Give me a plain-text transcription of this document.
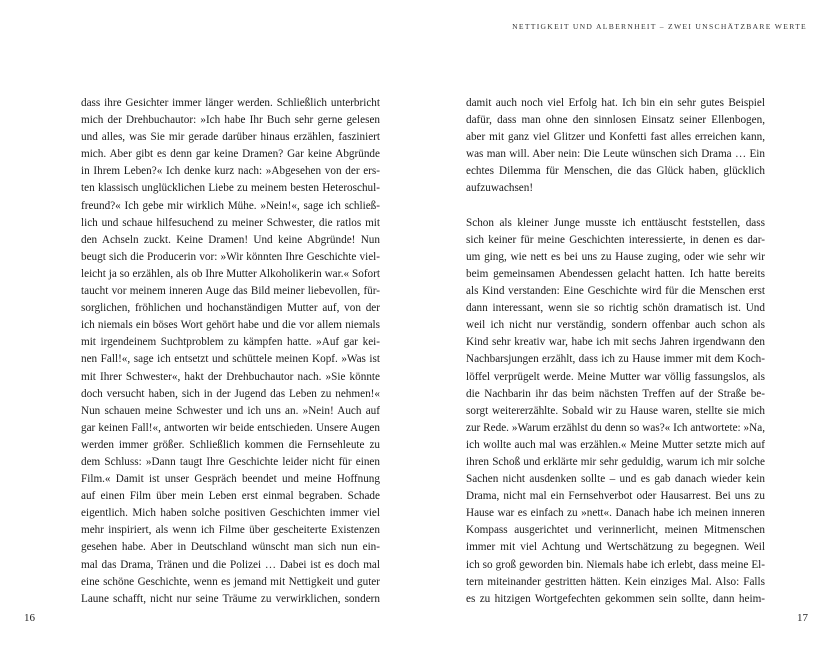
NETTIGKEIT UND ALBERNHEIT – ZWEI UNSCHÄTZBARE WERTE
dass ihre Gesichter immer länger werden. Schließlich unterbricht
mich der Drehbuchautor: »Ich habe Ihr Buch sehr gerne gelesen
und alles, was Sie mir gerade darüber hinaus erzählen, fasziniert
mich. Aber gibt es denn gar keine Dramen? Gar keine Abgründe
in Ihrem Leben?« Ich denke kurz nach: »Abgesehen von der ers-
ten klassisch unglücklichen Liebe zu meinem besten Heteroschul-
freund?« Ich gebe mir wirklich Mühe. »Nein!«, sage ich schließ-
lich und schaue hilfesuchend zu meiner Schwester, die ratlos mit
den Achseln zuckt. Keine Dramen! Und keine Abgründe! Nun
beugt sich die Producerin vor: »Wir könnten Ihre Geschichte viel-
leicht ja so erzählen, als ob Ihre Mutter Alkoholikerin war.« Sofort
taucht vor meinem inneren Auge das Bild meiner liebevollen, für-
sorglichen, fröhlichen und hochanständigen Mutter auf, von der
ich niemals ein böses Wort gehört habe und die vor allem niemals
mit irgendeinem Suchtproblem zu kämpfen hatte. »Auf gar kei-
nen Fall!«, sage ich entsetzt und schüttele meinen Kopf. »Was ist
mit Ihrer Schwester«, hakt der Drehbuchautor nach. »Sie könnte
doch versucht haben, sich in der Jugend das Leben zu nehmen!«
Nun schauen meine Schwester und ich uns an. »Nein! Auch auf
gar keinen Fall!«, antworten wir beide entschieden. Unsere Augen
werden immer größer. Schließlich kommen die Fernsehleute zu
dem Schluss: »Dann taugt Ihre Geschichte leider nicht für einen
Film.« Damit ist unser Gespräch beendet und meine Hoffnung
auf einen Film über mein Leben erst einmal begraben. Schade
eigentlich. Mich haben solche positiven Geschichten immer viel
mehr inspiriert, als wenn ich Filme über gescheiterte Existenzen
gesehen habe. Aber in Deutschland wünscht man sich nun ein-
mal das Drama, Tränen und die Polizei … Dabei ist es doch mal
eine schöne Geschichte, wenn es jemand mit Nettigkeit und guter
Laune schafft, nicht nur seine Träume zu verwirklichen, sondern
damit auch noch viel Erfolg hat. Ich bin ein sehr gutes Beispiel
dafür, dass man ohne den sinnlosen Einsatz seiner Ellenbogen,
aber mit ganz viel Glitzer und Konfetti fast alles erreichen kann,
was man will. Aber nein: Die Leute wünschen sich Drama … Ein
echtes Dilemma für Menschen, die das Glück haben, glücklich
aufzuwachsen!
Schon als kleiner Junge musste ich enttäuscht feststellen, dass
sich keiner für meine Geschichten interessierte, in denen es dar-
um ging, wie nett es bei uns zu Hause zuging, oder wie sehr wir
beim gemeinsamen Abendessen gelacht hatten. Ich hatte bereits
als Kind verstanden: Eine Geschichte wird für die Menschen erst
dann interessant, wenn sie so richtig schön dramatisch ist. Und
weil ich nicht nur verständig, sondern offenbar auch schon als
Kind sehr kreativ war, habe ich mit sechs Jahren irgendwann den
Nachbarsjungen erzählt, dass ich zu Hause immer mit dem Koch-
löffel verprügelt werde. Meine Mutter war völlig fassungslos, als
die Nachbarin ihr das beim nächsten Treffen auf der Straße be-
sorgt weitererzählte. Sobald wir zu Hause waren, stellte sie mich
zur Rede. »Warum erzählst du denn so was?« Ich antwortete: »Na,
ich wollte auch mal was erzählen.« Meine Mutter setzte mich auf
ihren Schoß und erklärte mir sehr geduldig, warum ich mir solche
Sachen nicht ausdenken sollte – und es gab danach wieder kein
Drama, nicht mal ein Fernsehverbot oder Hausarrest. Bei uns zu
Hause war es einfach zu »nett«. Danach habe ich meinen inneren
Kompass ausgerichtet und verinnerlicht, meinen Mitmenschen
immer mit viel Achtung und Wertschätzung zu begegnen. Weil
ich so groß geworden bin. Niemals habe ich erlebt, dass meine El-
tern miteinander gestritten hätten. Kein einziges Mal. Also: Falls
es zu hitzigen Wortgefechten gekommen sein sollte, dann heim-
16	17
